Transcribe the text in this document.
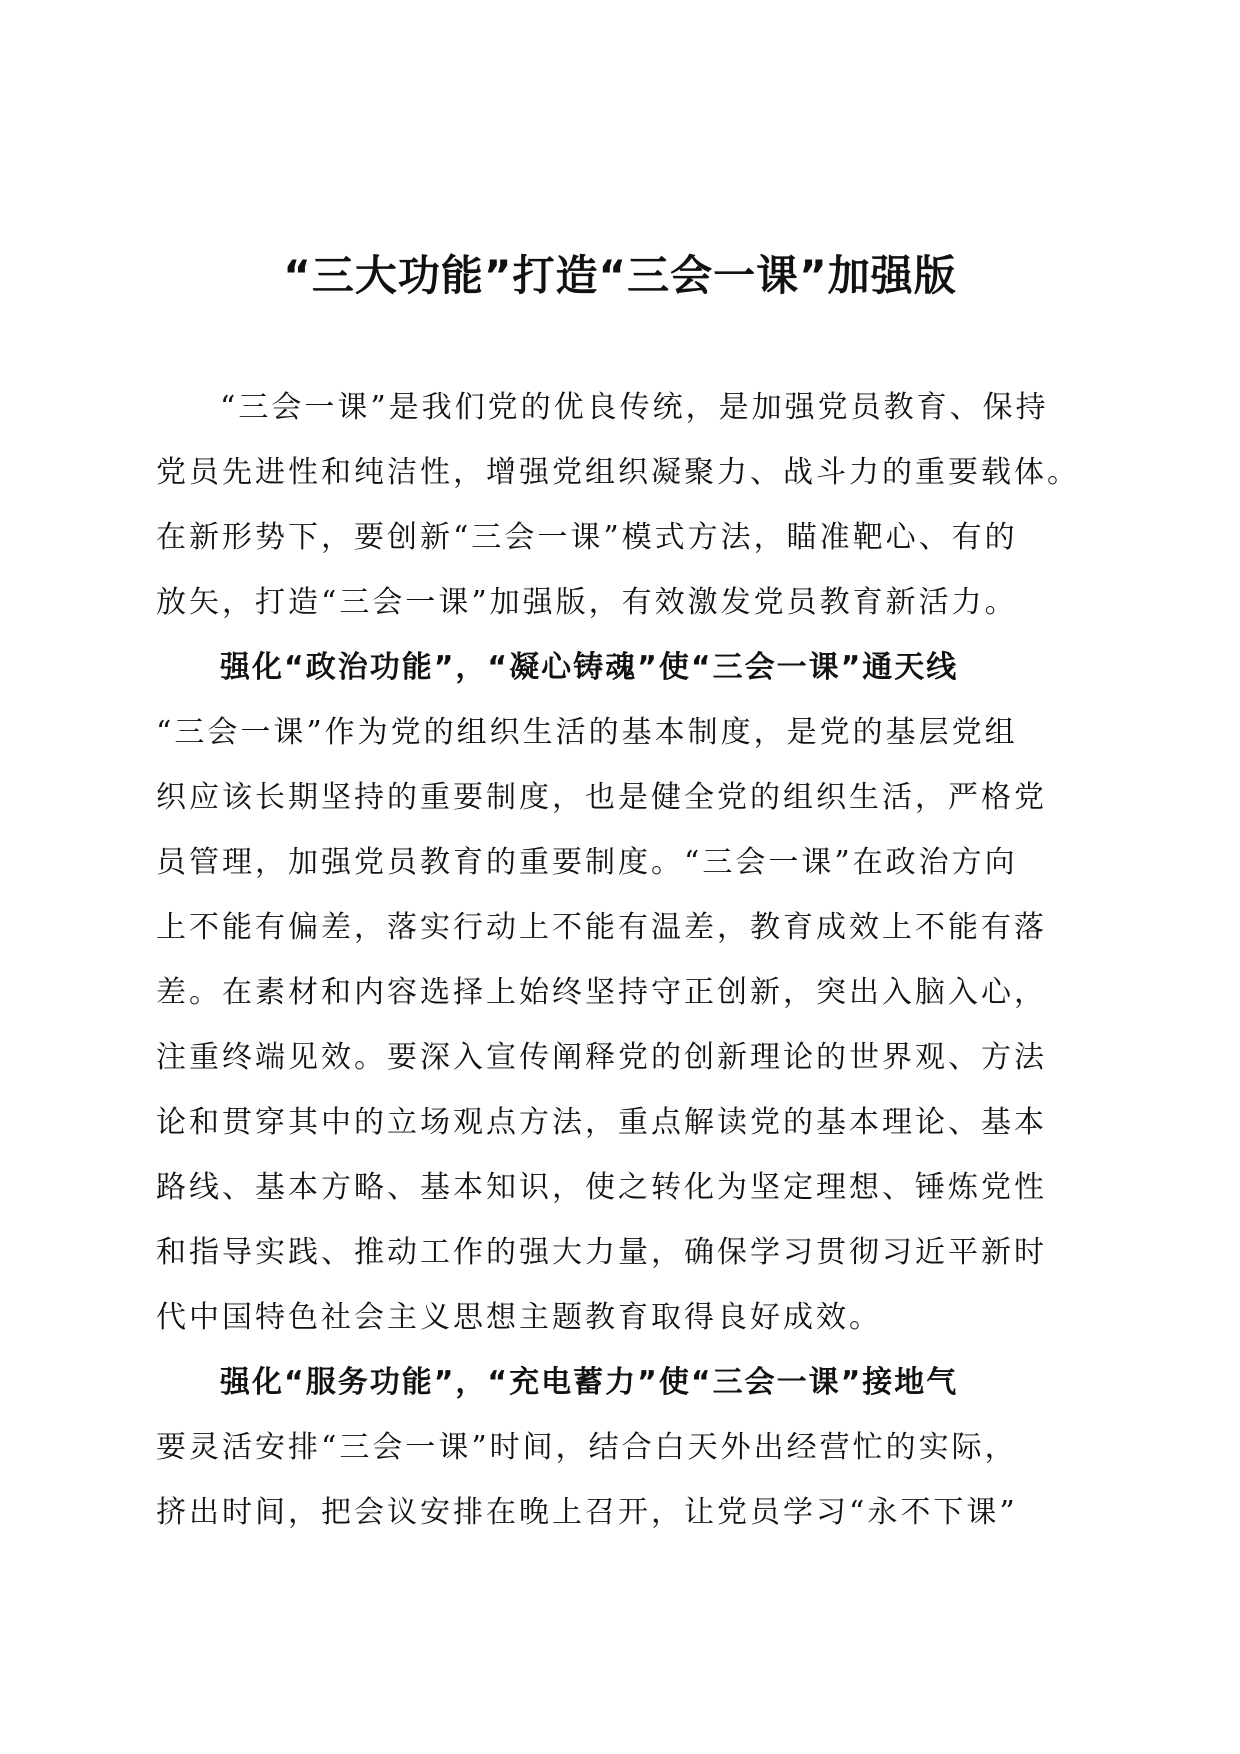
“三大功能”打造“三会一课”加强版
“三会一课”是我们党的优良传统，是加强党员教育、保持
党员先进性和纯洁性，增强党组织凝聚力、战斗力的重要载体。
在新形势下，要创新“三会一课”模式方法，瞄准靶心、有的
放矢，打造“三会一课”加强版，有效激发党员教育新活力。
强化“政治功能”，“凝心铸魂”使“三会一课”通天线
“三会一课”作为党的组织生活的基本制度，是党的基层党组
织应该长期坚持的重要制度，也是健全党的组织生活，严格党
员管理，加强党员教育的重要制度。“三会一课”在政治方向
上不能有偏差，落实行动上不能有温差，教育成效上不能有落
差。在素材和内容选择上始终坚持守正创新，突出入脑入心，
注重终端见效。要深入宣传阐释党的创新理论的世界观、方法
论和贯穿其中的立场观点方法，重点解读党的基本理论、基本
路线、基本方略、基本知识，使之转化为坚定理想、锤炼党性
和指导实践、推动工作的强大力量，确保学习贯彻习近平新时
代中国特色社会主义思想主题教育取得良好成效。
强化“服务功能”，“充电蓄力”使“三会一课”接地气
要灵活安排“三会一课”时间，结合白天外出经营忙的实际，
挤出时间，把会议安排在晚上召开，让党员学习“永不下课”
